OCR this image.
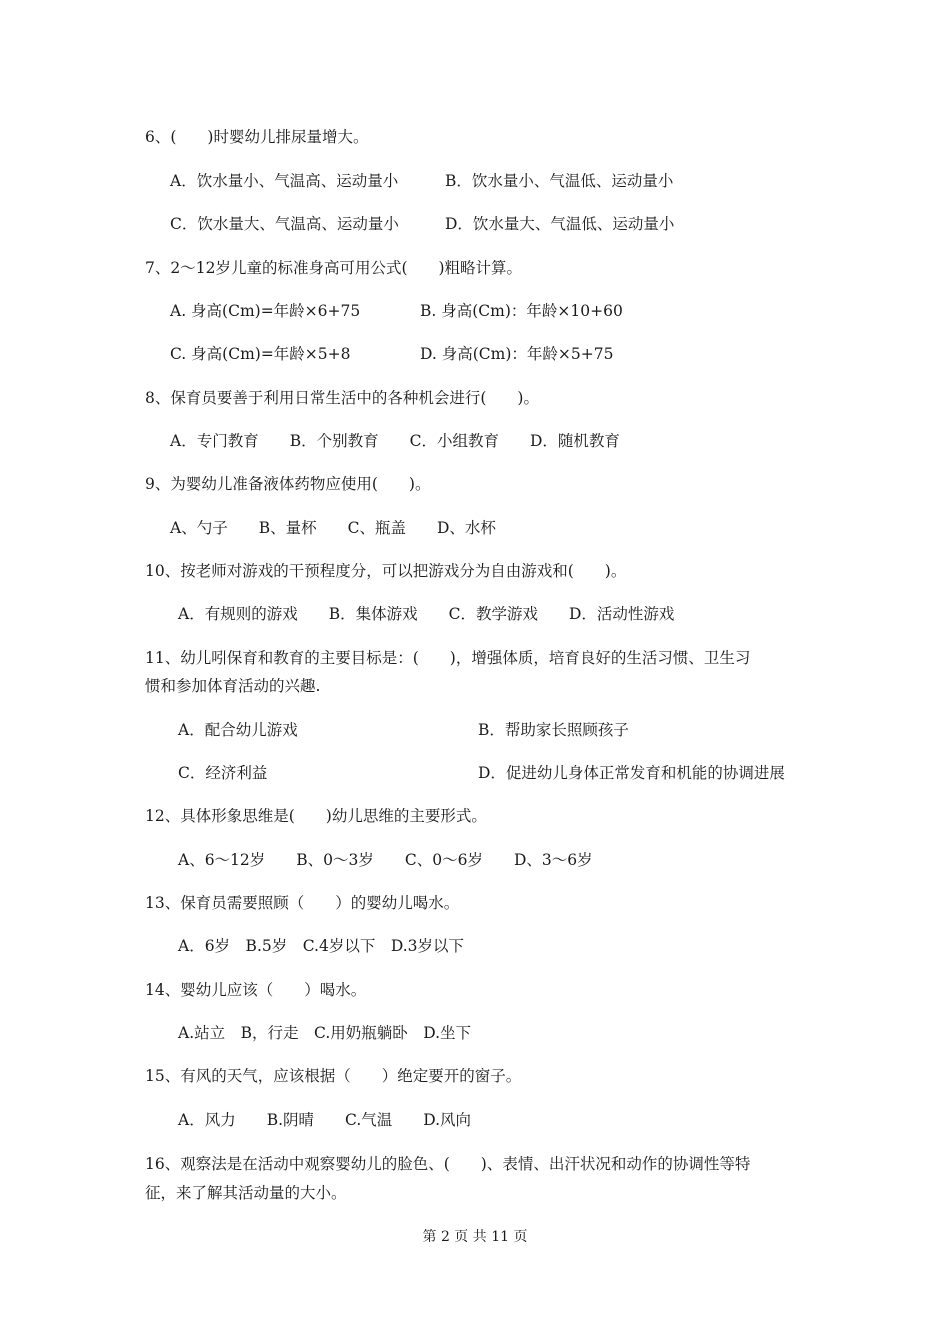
6、(　　)时婴幼儿排尿量增大。
A．饮水量小、气温高、运动量小	B．饮水量小、气温低、运动量小
C．饮水量大、气温高、运动量小	D．饮水量大、气温低、运动量小
7、2～12岁儿童的标准身高可用公式(　　)粗略计算。
A. 身高(Cm)=年龄×6+75	B. 身高(Cm)：年龄×10+60
C. 身高(Cm)=年龄×5+8	D. 身高(Cm)：年龄×5+75
8、保育员要善于利用日常生活中的各种机会进行(　　)。
A．专门教育　　B．个别教育　　C．小组教育　　D．随机教育
9、为婴幼儿准备液体药物应使用(　　)。
A、勺子　　B、量杯　　C、瓶盖　　D、水杯
10、按老师对游戏的干预程度分，可以把游戏分为自由游戏和(　　)。
A．有规则的游戏　　B．集体游戏　　C．教学游戏　　D．活动性游戏
11、幼儿吲保育和教育的主要目标是：(　　)，增强体质，培育良好的生活习惯、卫生习
惯和参加体育活动的兴趣.
A．配合幼儿游戏	B．帮助家长照顾孩子
C．经济利益	D．促进幼儿身体正常发育和机能的协调进展
12、具体形象思维是(　　)幼儿思维的主要形式。
A、6～12岁　　B、0～3岁　　C、0～6岁　　D、3～6岁
13、保育员需要照顾（　　）的婴幼儿喝水。
A．6岁　B.5岁　C.4岁以下　D.3岁以下
14、婴幼儿应该（　　）喝水。
A.站立　B，行走　C.用奶瓶躺卧　D.坐下
15、有风的天气，应该根据（　　）绝定要开的窗子。
A．风力　　B.阴晴　　C.气温　　D.风向
16、观察法是在活动中观察婴幼儿的脸色、(　　)、表情、出汗状况和动作的协调性等特
征，来了解其活动量的大小。
第 2 页 共 11 页
